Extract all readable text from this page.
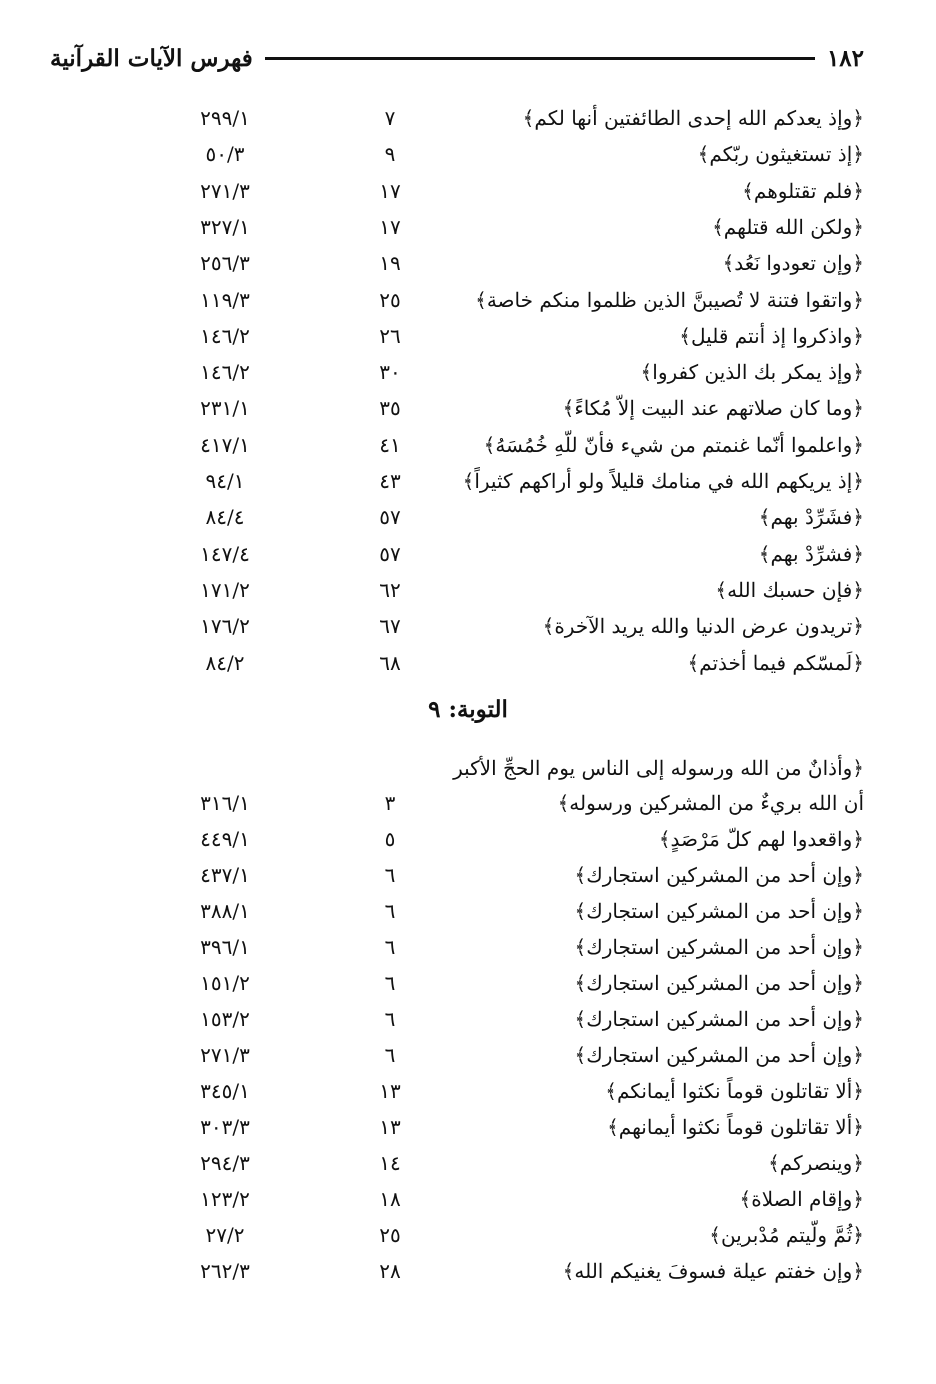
١٨٢
فهرس الآيات القرآنية
﴿وإذ يعدكم الله إحدى الطائفتين أنها لكم﴾
٧
٢٩٩/١
﴿إذ تستغيثون ربّكم﴾
٩
٥٠/٣
﴿فلم تقتلوهم﴾
١٧
٢٧١/٣
﴿ولكن الله قتلهم﴾
١٧
٣٢٧/١
﴿وإن تعودوا نَعُد﴾
١٩
٢٥٦/٣
﴿واتقوا فتنة لا تُصيبنَّ الذين ظلموا منكم خاصة﴾
٢٥
١١٩/٣
﴿واذكروا إذ أنتم قليل﴾
٢٦
١٤٦/٢
﴿وإذ يمكر بك الذين كفروا﴾
٣٠
١٤٦/٢
﴿وما كان صلاتهم عند البيت إلاّ مُكاءً﴾
٣٥
٢٣١/١
﴿واعلموا أنّما غنمتم من شيء فأنّ للّهِ خُمُسَهُ﴾
٤١
٤١٧/١
﴿إذ يريكهم الله في منامك قليلاً ولو أراكهم كثيراً﴾
٤٣
٩٤/١
﴿فشَرِّدْ بهم﴾
٥٧
٨٤/٤
﴿فشرِّدْ بهم﴾
٥٧
١٤٧/٤
﴿فإن حسبك الله﴾
٦٢
١٧١/٢
﴿تريدون عرض الدنيا والله يريد الآخرة﴾
٦٧
١٧٦/٢
﴿لَمسّكم فيما أخذتم﴾
٦٨
٨٤/٢
التوبة: ٩
﴿وأذانٌ من الله ورسوله إلى الناس يوم الحجِّ الأكبر
أن الله بريءٌ من المشركين ورسوله﴾
٣
٣١٦/١
﴿واقعدوا لهم كلّ مَرْصَدٍ﴾
٥
٤٤٩/١
﴿وإن أحد من المشركين استجارك﴾
٦
٤٣٧/١
﴿وإن أحد من المشركين استجارك﴾
٦
٣٨٨/١
﴿وإن أحد من المشركين استجارك﴾
٦
٣٩٦/١
﴿وإن أحد من المشركين استجارك﴾
٦
١٥١/٢
﴿وإن أحد من المشركين استجارك﴾
٦
١٥٣/٢
﴿وإن أحد من المشركين استجارك﴾
٦
٢٧١/٣
﴿ألا تقاتلون قوماً نكثوا أيمانكم﴾
١٣
٣٤٥/١
﴿ألا تقاتلون قوماً نكثوا أيمانهم﴾
١٣
٣٠٣/٣
﴿وينصركم﴾
١٤
٢٩٤/٣
﴿وإقام الصلاة﴾
١٨
١٢٣/٢
﴿ثُمَّ ولّيتم مُدْبرين﴾
٢٥
٢٧/٢
﴿وإن خفتم عيلة فسوفَ يغنيكم الله﴾
٢٨
٢٦٢/٣
